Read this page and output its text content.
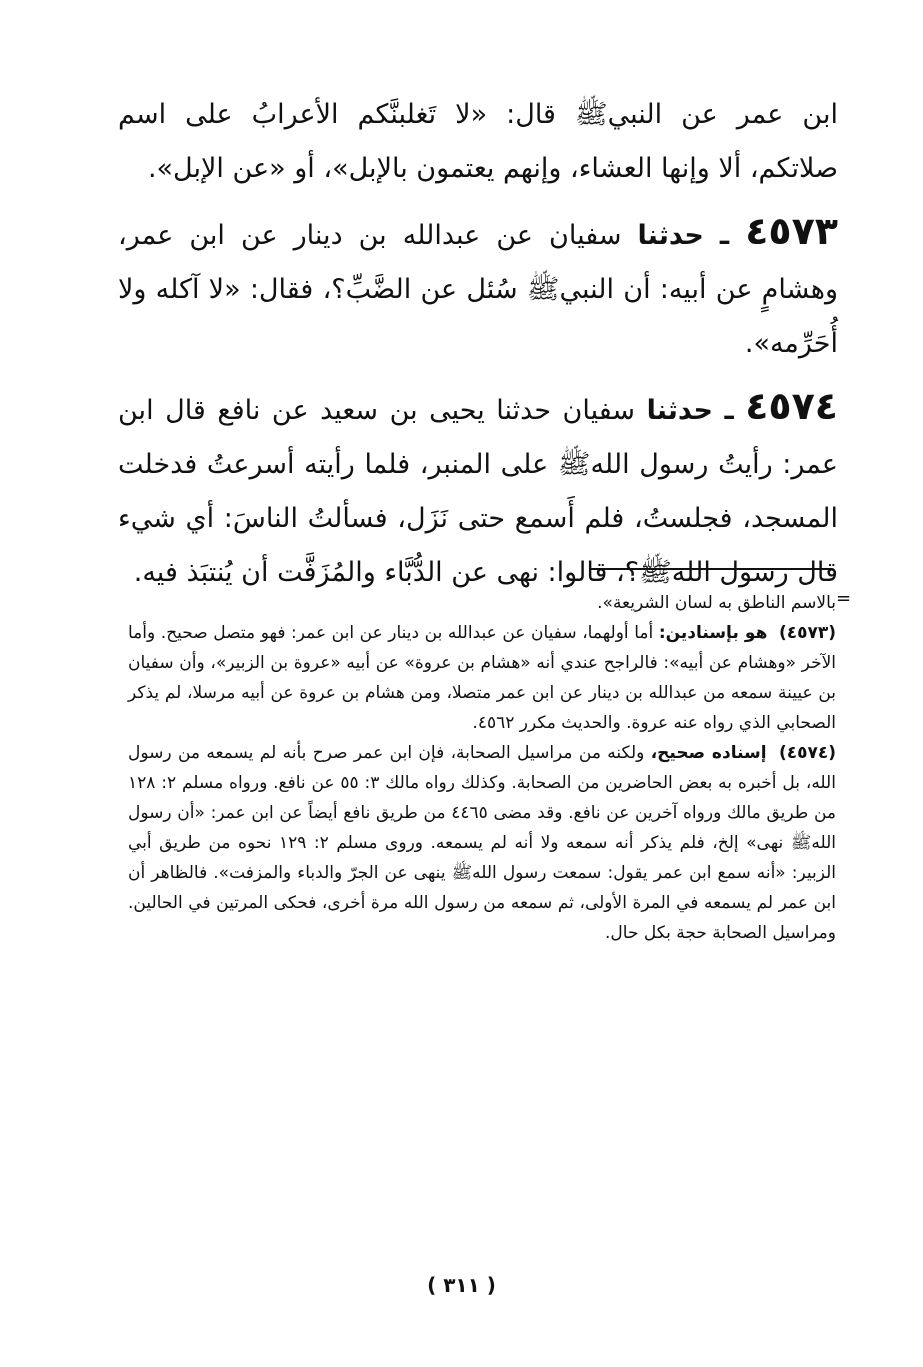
ابن عمر عن النبيﷺ قال: «لا تَغلبنَّكم الأعرابُ على اسم صلاتكم، ألا وإنها العشاء، وإنهم يعتمون بالإبل»، أو «عن الإبل».

٤٥٧٣ ـ حدثنا سفيان عن عبدالله بن دينار عن ابن عمر، وهشامٍ عن أبيه: أن النبيﷺ سُئل عن الضَّبِّ؟، فقال: «لا آكله ولا أُحَرِّمه».

٤٥٧٤ ـ حدثنا سفيان حدثنا يحيى بن سعيد عن نافع قال ابن عمر: رأيتُ رسول اللهﷺ على المنبر، فلما رأيته أسرعتُ فدخلت المسجد، فجلستُ، فلم أَسمع حتى نَزَل، فسألتُ الناسَ: أي شيء قال رسول اللهﷺ؟، قالوا: نهى عن الدُّبَّاء والمُزَفَّت أن يُنتبَذ فيه.

=

بالاسم الناطق به لسان الشريعة».

(٤٥٧٣) هو بإسنادين: أما أولهما، سفيان عن عبدالله بن دينار عن ابن عمر: فهو متصل صحيح. وأما الآخر «وهشام عن أبيه»: فالراجح عندي أنه «هشام بن عروة» عن أبيه «عروة بن الزبير»، وأن سفيان بن عيينة سمعه من عبدالله بن دينار عن ابن عمر متصلا، ومن هشام بن عروة عن أبيه مرسلا، لم يذكر الصحابي الذي رواه عنه عروة. والحديث مكرر ٤٥٦٢.

(٤٥٧٤) إسناده صحيح، ولكنه من مراسيل الصحابة، فإن ابن عمر صرح بأنه لم يسمعه من رسول الله، بل أخبره به بعض الحاضرين من الصحابة. وكذلك رواه مالك ٣: ٥٥ عن نافع. ورواه مسلم ٢: ١٢٨ من طريق مالك ورواه آخرين عن نافع. وقد مضى ٤٤٦٥ من طريق نافع أيضاً عن ابن عمر: «أن رسول اللهﷺ نهى» إلخ، فلم يذكر أنه سمعه ولا أنه لم يسمعه. وروى مسلم ٢: ١٢٩ نحوه من طريق أبي الزبير: «أنه سمع ابن عمر يقول: سمعت رسول اللهﷺ ينهى عن الجرّ والدباء والمزفت». فالظاهر أن ابن عمر لم يسمعه في المرة الأولى، ثم سمعه من رسول الله مرة أخرى، فحكى المرتين في الحالين. ومراسيل الصحابة حجة بكل حال.

( ٣١١ )
